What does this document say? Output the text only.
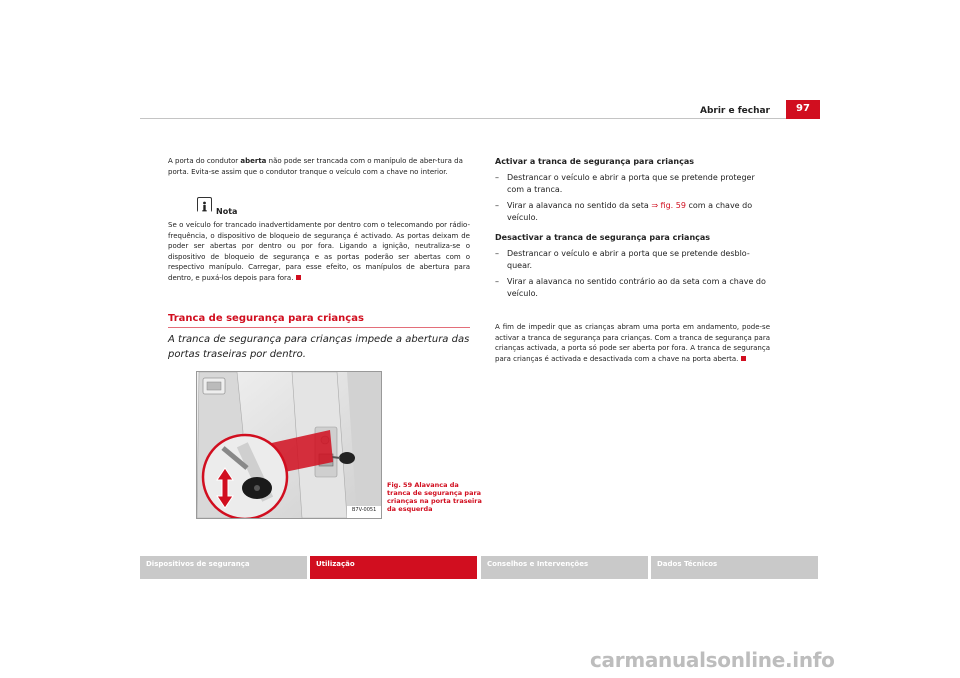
Abrir e fechar	97
A porta do condutor aberta não pode ser trancada com o manípulo de aber-tura da porta. Evita-se assim que o condutor tranque o veículo com a chave no interior.
Nota
Se o veículo for trancado inadvertidamente por dentro com o telecomando por rádio-frequência, o dispositivo de bloqueio de segurança é activado. As portas deixam de poder ser abertas por dentro ou por fora. Ligando a ignição, neutraliza-se o dispositivo de bloqueio de segurança e as portas poderão ser abertas com o respectivo manípulo. Carregar, para esse efeito, os manípulos de abertura para dentro, e puxá-los depois para fora.
Tranca de segurança para crianças
A tranca de segurança para crianças impede a abertura das portas traseiras por dentro.
B7V-0051
Fig. 59 Alavanca da tranca de segurança para crianças na porta traseira da esquerda
Activar a tranca de segurança para crianças
– Destrancar o veículo e abrir a porta que se pretende proteger com a tranca.
– Virar a alavanca no sentido da seta ⇒ fig. 59 com a chave do veículo.
Desactivar a tranca de segurança para crianças
– Destrancar o veículo e abrir a porta que se pretende desblo-quear.
– Virar a alavanca no sentido contrário ao da seta com a chave do veículo.
A fim de impedir que as crianças abram uma porta em andamento, pode-se activar a tranca de segurança para crianças. Com a tranca de segurança para crianças activada, a porta só pode ser aberta por fora. A tranca de segurança para crianças é activada e desactivada com a chave na porta aberta.
Dispositivos de segurança	Utilização	Conselhos e Intervenções	Dados Técnicos
carmanualsonline.info
